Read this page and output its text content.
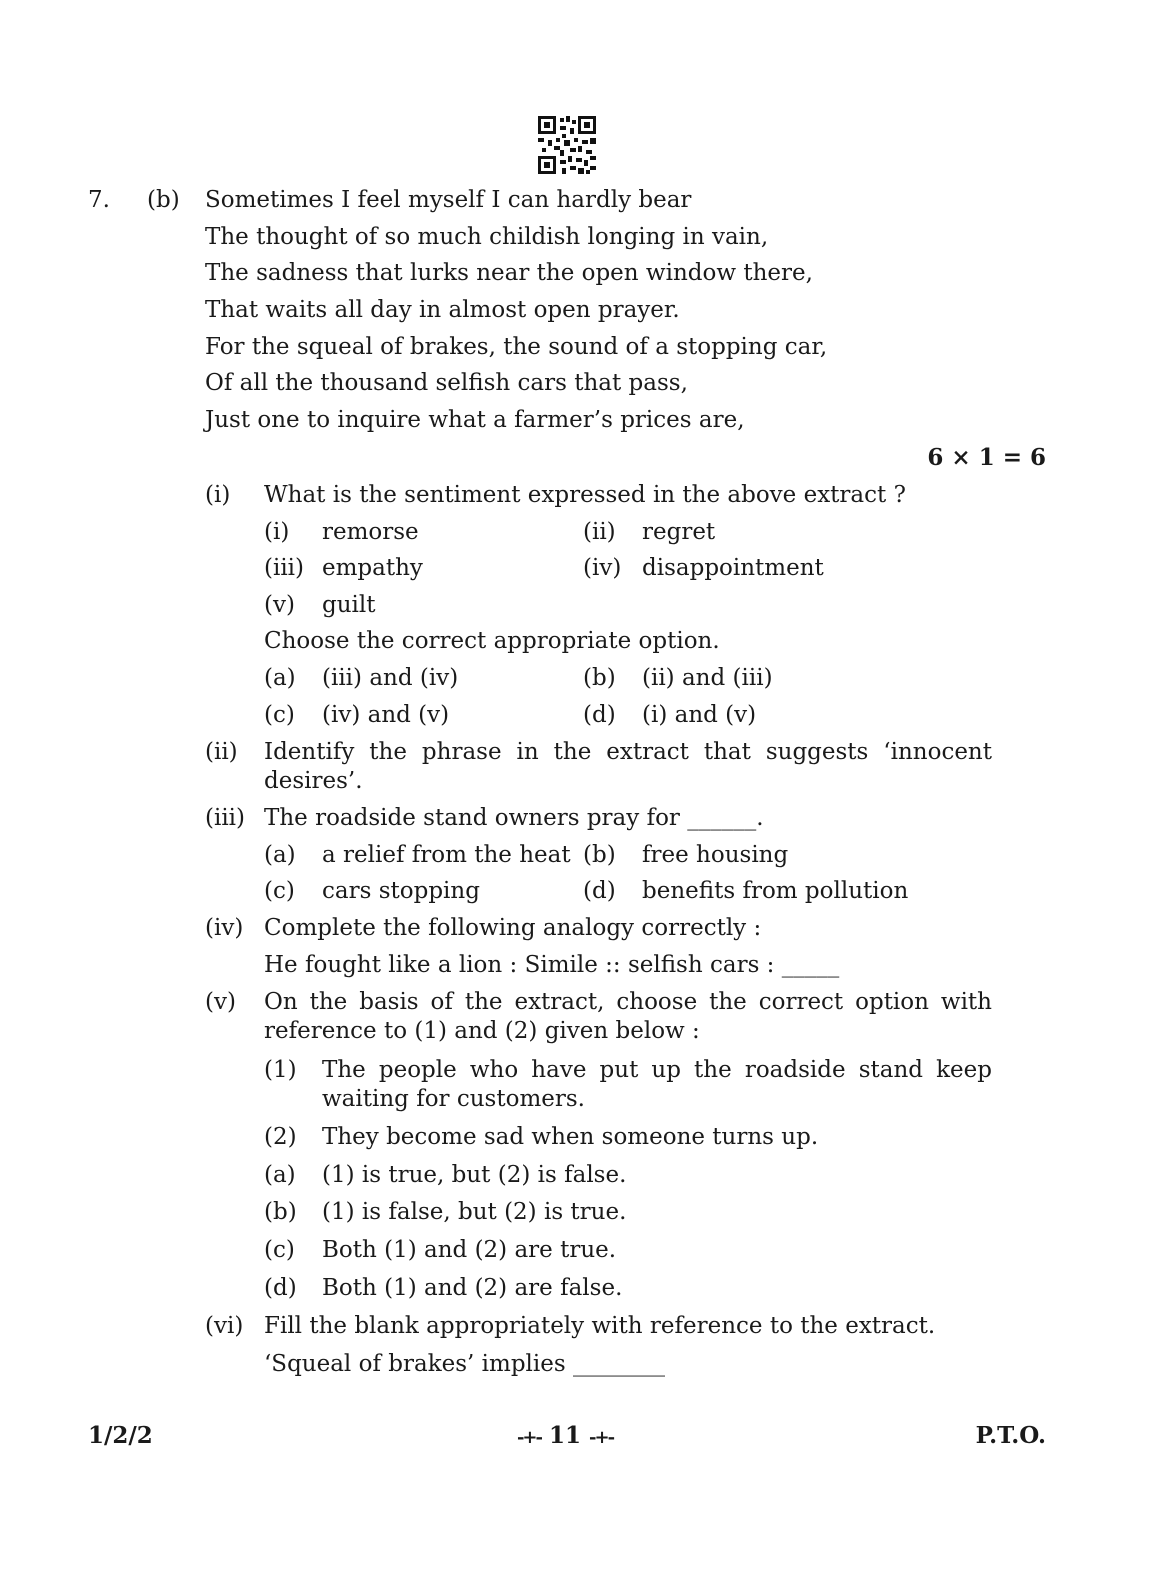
7. (b) Sometimes I feel myself I can hardly bear
The thought of so much childish longing in vain,
The sadness that lurks near the open window there,
That waits all day in almost open prayer.
For the squeal of brakes, the sound of a stopping car,
Of all the thousand selfish cars that pass,
Just one to inquire what a farmer’s prices are,
6 × 1 = 6
(i) What is the sentiment expressed in the above extract ?
(i) remorse	(ii) regret
(iii) empathy	(iv) disappointment
(v) guilt
Choose the correct appropriate option.
(a) (iii) and (iv)	(b) (ii) and (iii)
(c) (iv) and (v)	(d) (i) and (v)
(ii) Identify the phrase in the extract that suggests ‘innocent desires’.
(iii) The roadside stand owners pray for ______.
(a) a relief from the heat (b) free housing
(c) cars stopping	(d) benefits from pollution
(iv) Complete the following analogy correctly :
He fought like a lion : Simile :: selfish cars : _____
(v) On the basis of the extract, choose the correct option with reference to (1) and (2) given below :
(1) The people who have put up the roadside stand keep waiting for customers.
(2) They become sad when someone turns up.
(a) (1) is true, but (2) is false.
(b) (1) is false, but (2) is true.
(c) Both (1) and (2) are true.
(d) Both (1) and (2) are false.
(vi) Fill the blank appropriately with reference to the extract.
‘Squeal of brakes’ implies ________
1/2/2	-+- 11 -+-	P.T.O.
